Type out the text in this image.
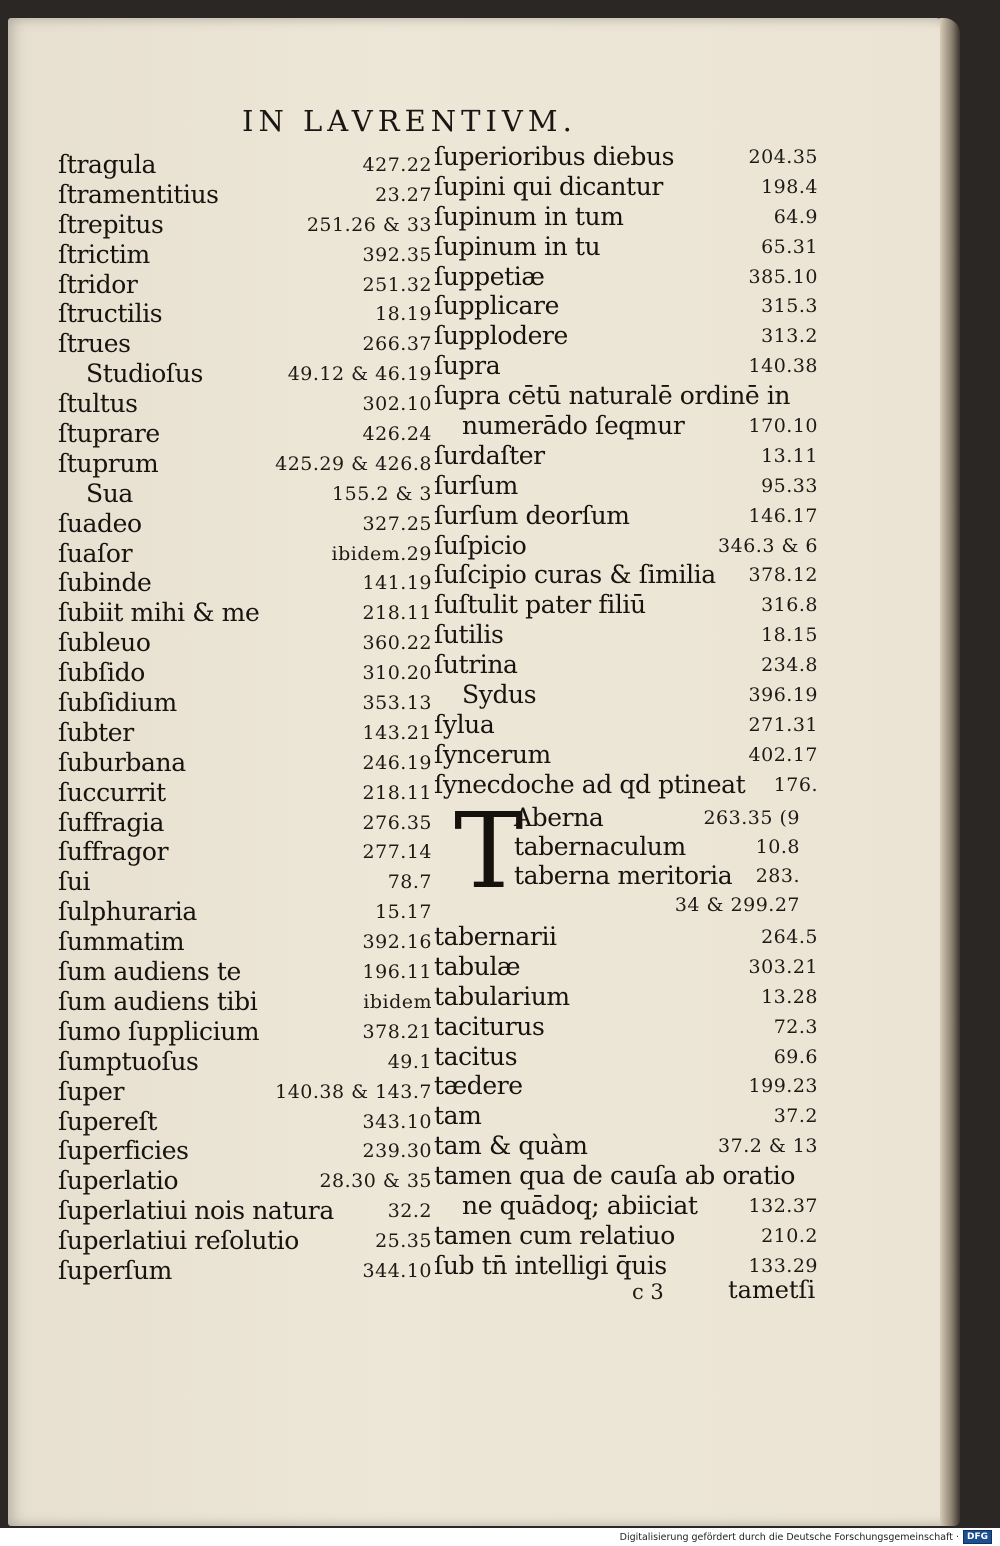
IN LAVRENTIVM.
ſtragula	427.22
ſtramentitius	23.27
ſtrepitus	251.26 & 33
ſtrictim	392.35
ſtridor	251.32
ſtructilis	18.19
ſtrues	266.37
Studioſus	49.12 & 46.19
ſtultus	302.10
ſtuprare	426.24
ſtuprum	425.29 & 426.8
Sua	155.2 & 3
ſuadeo	327.25
ſuaſor	ibidem.29
ſubinde	141.19
ſubiit mihi & me	218.11
ſubleuo	360.22
ſubſido	310.20
ſubſidium	353.13
ſubter	143.21
ſuburbana	246.19
ſuccurrit	218.11
ſuffragia	276.35
ſuffragor	277.14
ſui	78.7
ſulphuraria	15.17
ſummatim	392.16
ſum audiens te	196.11
ſum audiens tibi	ibidem
ſumo ſupplicium	378.21
ſumptuoſus	49.1
ſuper	140.38 & 143.7
ſupereſt	343.10
ſuperficies	239.30
ſuperlatio	28.30 & 35
ſuperlatiui nois natura	32.2
ſuperlatiui reſolutio	25.35
ſuperſum	344.10
ſuperioribus diebus	204.35
ſupini qui dicantur	198.4
ſupinum in tum	64.9
ſupinum in tu	65.31
ſuppetiæ	385.10
ſupplicare	315.3
ſupplodere	313.2
ſupra	140.38
ſupra cētū naturalē ordinē in
numerādo ſeqmur	170.10
ſurdaſter	13.11
ſurſum	95.33
ſurſum deorſum	146.17
ſuſpicio	346.3 & 6
ſuſcipio curas & ſimilia 378.12
ſuſtulit pater filiū	316.8
ſutilis	18.15
ſutrina	234.8
Sydus	396.19
ſylua	271.31
ſyncerum	402.17
ſynecdoche ad qd ptineat 176.
T
Aberna	263.35 (9
tabernaculum	10.8
taberna meritoria 283.
34 & 299.27
tabernarii	264.5
tabulæ	303.21
tabularium	13.28
taciturus	72.3
tacitus	69.6
tædere	199.23
tam	37.2
tam & quàm	37.2 & 13
tamen qua de cauſa ab oratio
ne quādoq; abiiciat	132.37
tamen cum relatiuo	210.2
ſub tn̄ intelligi q̄uis	133.29
c 3	tametſi
Digitalisierung gefördert durch die Deutsche Forschungsgemeinschaft · DFG
